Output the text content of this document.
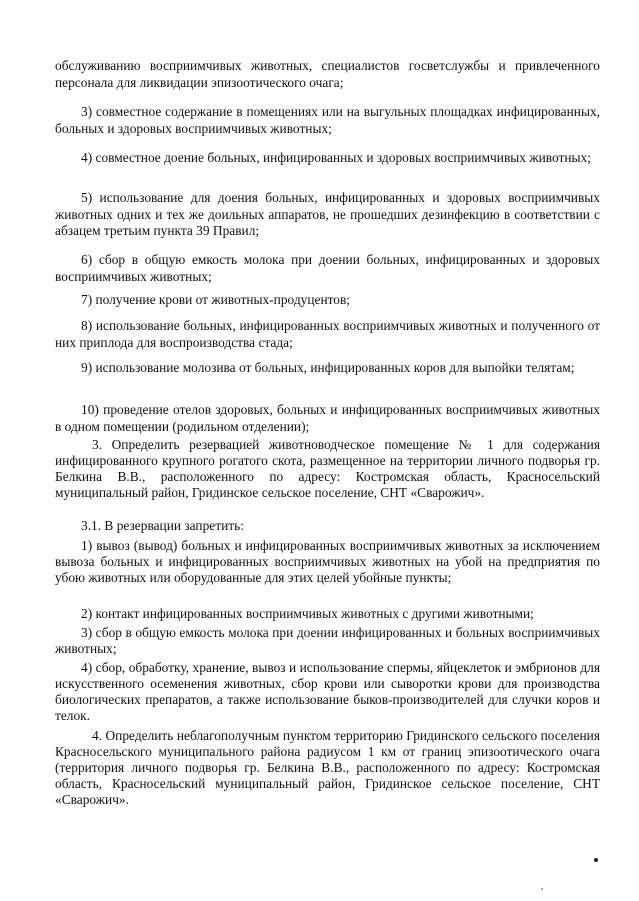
обслуживанию восприимчивых животных, специалистов госветслужбы и привлеченного персонала для ликвидации эпизоотического очага;

3) совместное содержание в помещениях или на выгульных площадках инфицированных, больных и здоровых восприимчивых животных;

4) совместное доение больных, инфицированных и здоровых восприимчивых животных;

5) использование для доения больных, инфицированных и здоровых восприимчивых животных одних и тех же доильных аппаратов, не прошедших дезинфекцию в соответствии с абзацем третьим пункта 39 Правил;

6) сбор в общую емкость молока при доении больных, инфицированных и здоровых восприимчивых животных;

7) получение крови от животных-продуцентов;

8) использование больных, инфицированных восприимчивых животных и полученного от них приплода для воспроизводства стада;

9) использование молозива от больных, инфицированных коров для выпойки телятам;

10) проведение отелов здоровых, больных и инфицированных восприимчивых животных в одном помещении (родильном отделении);

3. Определить резервацией животноводческое помещение № 1 для содержания инфицированного крупного рогатого скота, размещенное на территории личного подворья гр. Белкина В.В., расположенного по адресу: Костромская область, Красносельский муниципальный район, Гридинское сельское поселение, СНТ «Сварожич».

3.1. В резервации запретить:

1) вывоз (вывод) больных и инфицированных восприимчивых животных за исключением вывоза больных и инфицированных восприимчивых животных на убой на предприятия по убою животных или оборудованные для этих целей убойные пункты;

2) контакт инфицированных восприимчивых животных с другими животными;

3) сбор в общую емкость молока при доении инфицированных и больных восприимчивых животных;

4) сбор, обработку, хранение, вывоз и использование спермы, яйцеклеток и эмбрионов для искусственного осеменения животных, сбор крови или сыворотки крови для производства биологических препаратов, а также использование быков-производителей для случки коров и телок.

4. Определить неблагополучным пунктом территорию Гридинского сельского поселения Красносельского муниципального района радиусом 1 км от границ эпизоотического очага (территория личного подворья гр. Белкина В.В., расположенного по адресу: Костромская область, Красносельский муниципальный район, Гридинское сельское поселение, СНТ «Сварожич».
